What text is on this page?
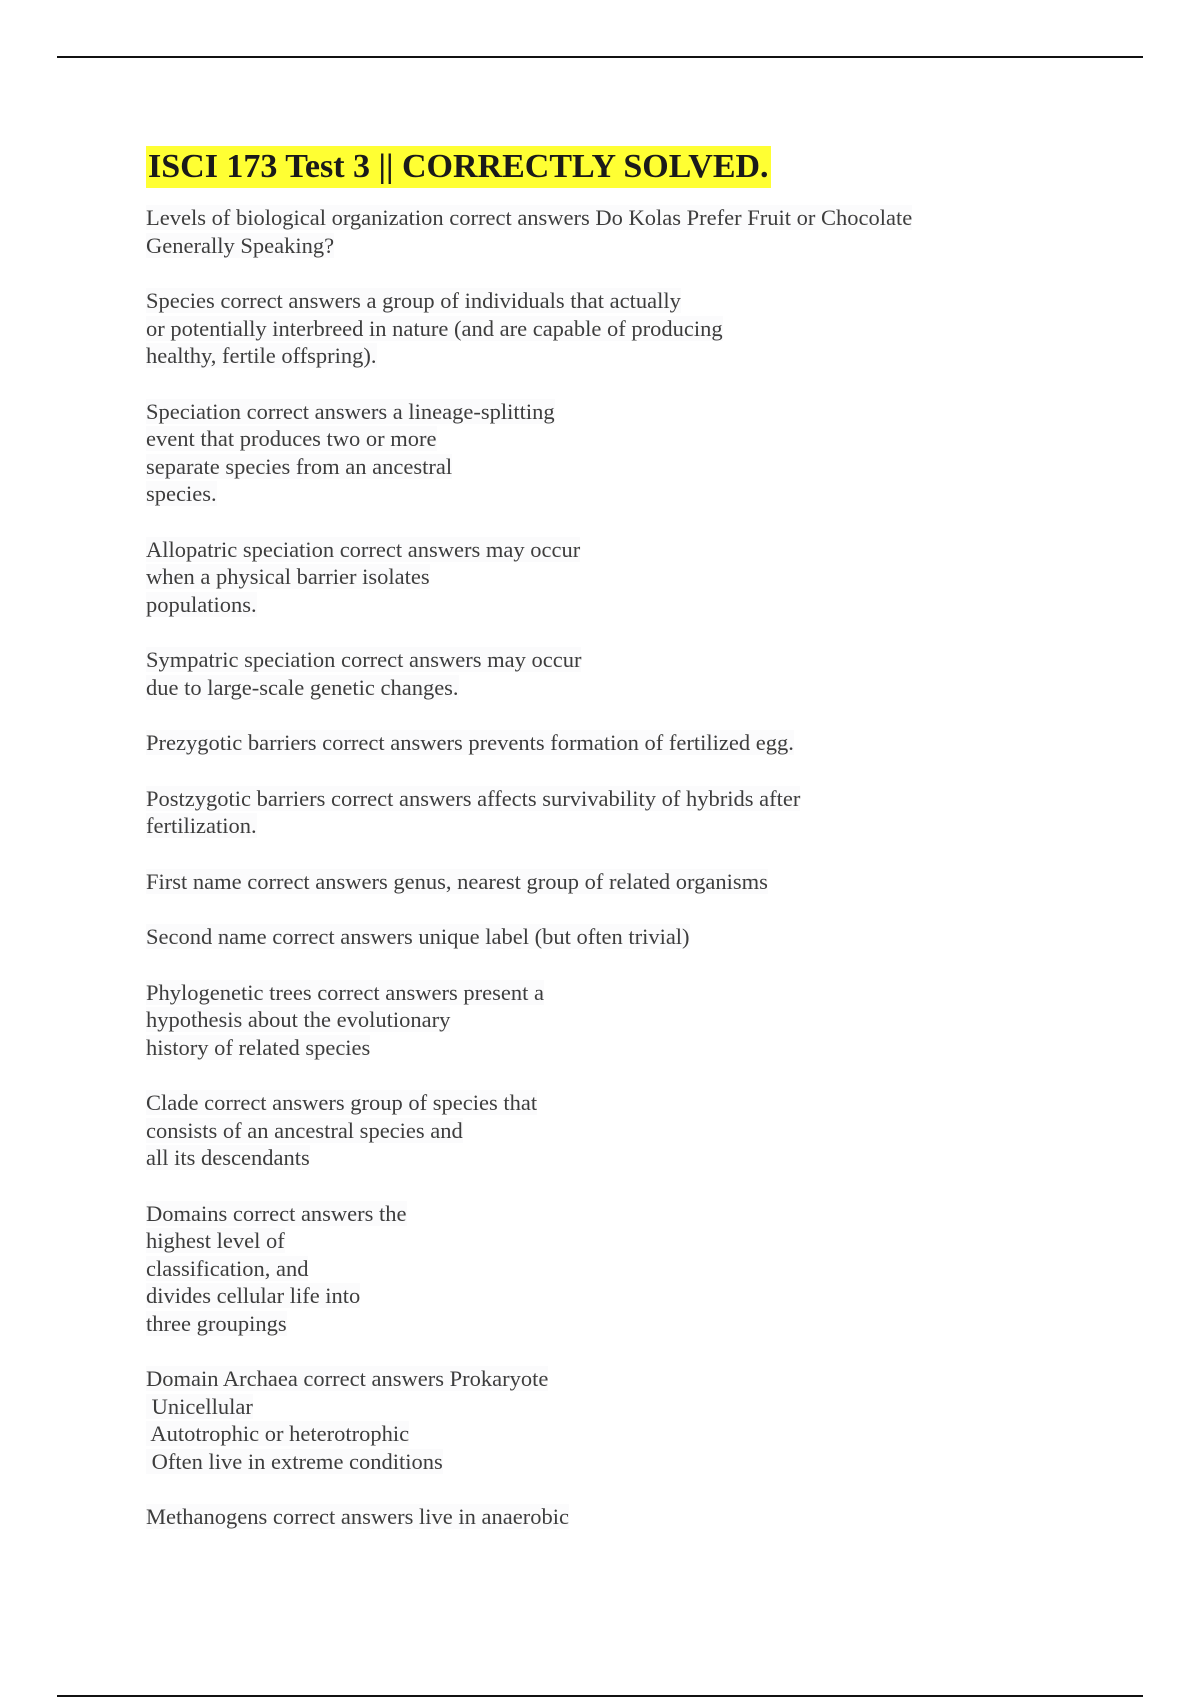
ISCI 173 Test 3 || CORRECTLY SOLVED.
Levels of biological organization correct answers Do Kolas Prefer Fruit or Chocolate
Generally Speaking?
Species correct answers a group of individuals that actually
or potentially interbreed in nature (and are capable of producing
healthy, fertile offspring).
Speciation correct answers a lineage-splitting
event that produces two or more
separate species from an ancestral
species.
Allopatric speciation correct answers may occur
when a physical barrier isolates
populations.
Sympatric speciation correct answers may occur
due to large-scale genetic changes.
Prezygotic barriers correct answers prevents formation of fertilized egg.
Postzygotic barriers correct answers affects survivability of hybrids after
fertilization.
First name correct answers genus, nearest group of related organisms
Second name correct answers unique label (but often trivial)
Phylogenetic trees correct answers present a
hypothesis about the evolutionary
history of related species
Clade correct answers group of species that
consists of an ancestral species and
all its descendants
Domains correct answers the
highest level of
classification, and
divides cellular life into
three groupings
Domain Archaea correct answers Prokaryote
Unicellular
Autotrophic or heterotrophic
Often live in extreme conditions
Methanogens correct answers live in anaerobic
